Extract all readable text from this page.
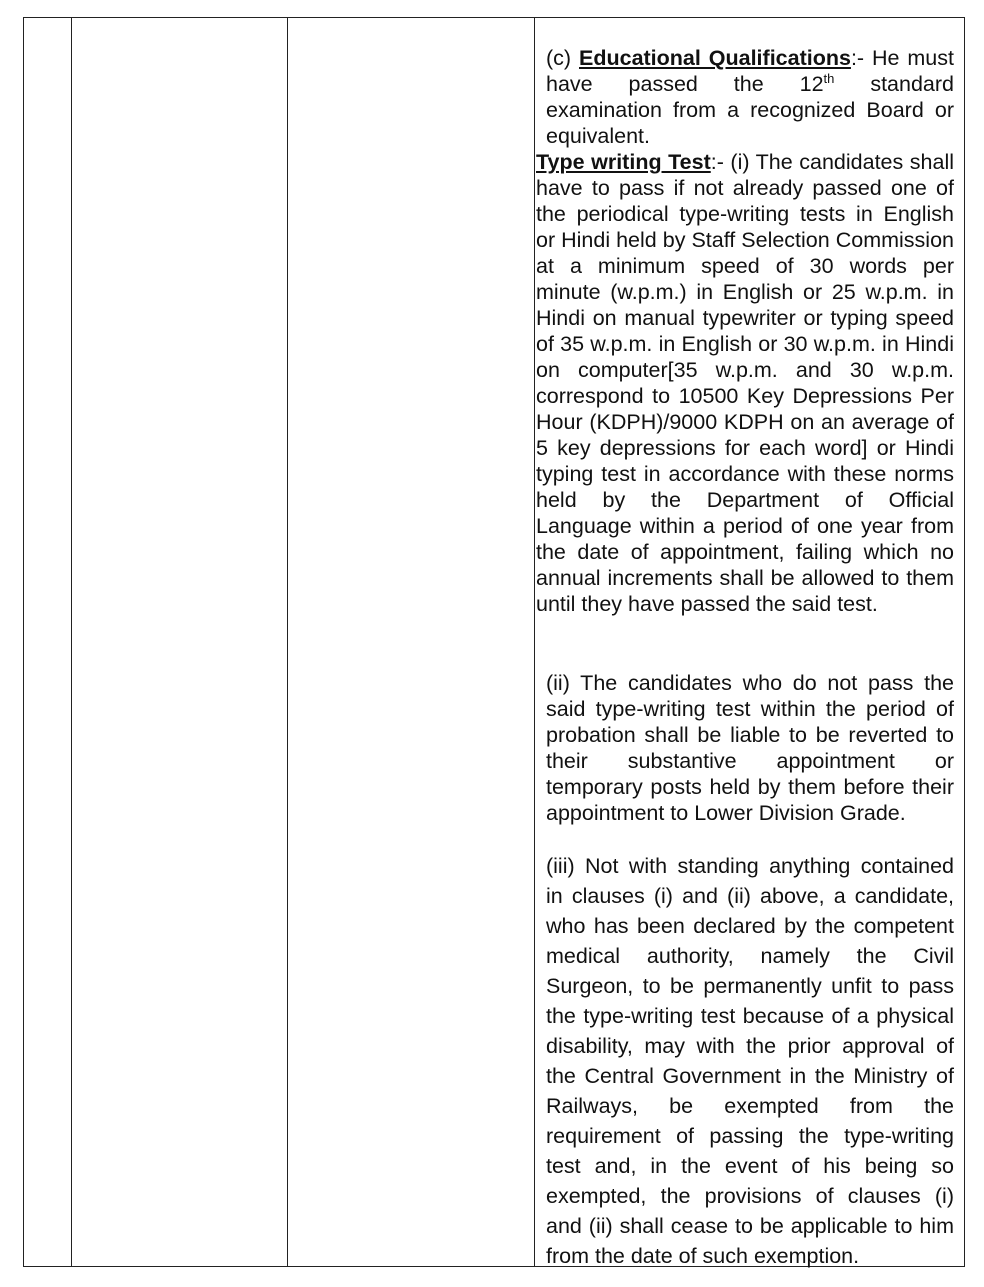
(c) Educational Qualifications:- He must have passed the 12th standard examination from a recognized Board or equivalent.

Type writing Test:- (i) The candidates shall have to pass if not already passed one of the periodical type-writing tests in English or Hindi held by Staff Selection Commission at a minimum speed of 30 words per minute (w.p.m.) in English or 25 w.p.m. in Hindi on manual typewriter or typing speed of 35 w.p.m. in English or 30 w.p.m. in Hindi on computer[35 w.p.m. and 30 w.p.m. correspond to 10500 Key Depressions Per Hour (KDPH)/9000 KDPH on an average of 5 key depressions for each word] or Hindi typing test in accordance with these norms held by the Department of Official Language within a period of one year from the date of appointment, failing which no annual increments shall be allowed to them until they have passed the said test.

(ii) The candidates who do not pass the said type-writing test within the period of probation shall be liable to be reverted to their substantive appointment or temporary posts held by them before their appointment to Lower Division Grade.

(iii) Not with standing anything contained in clauses (i) and (ii) above, a candidate, who has been declared by the competent medical authority, namely the Civil Surgeon, to be permanently unfit to pass the type-writing test because of a physical disability, may with the prior approval of the Central Government in the Ministry of Railways, be exempted from the requirement of passing the type-writing test and, in the event of his being so exempted, the provisions of clauses (i) and (ii) shall cease to be applicable to him from the date of such exemption.
